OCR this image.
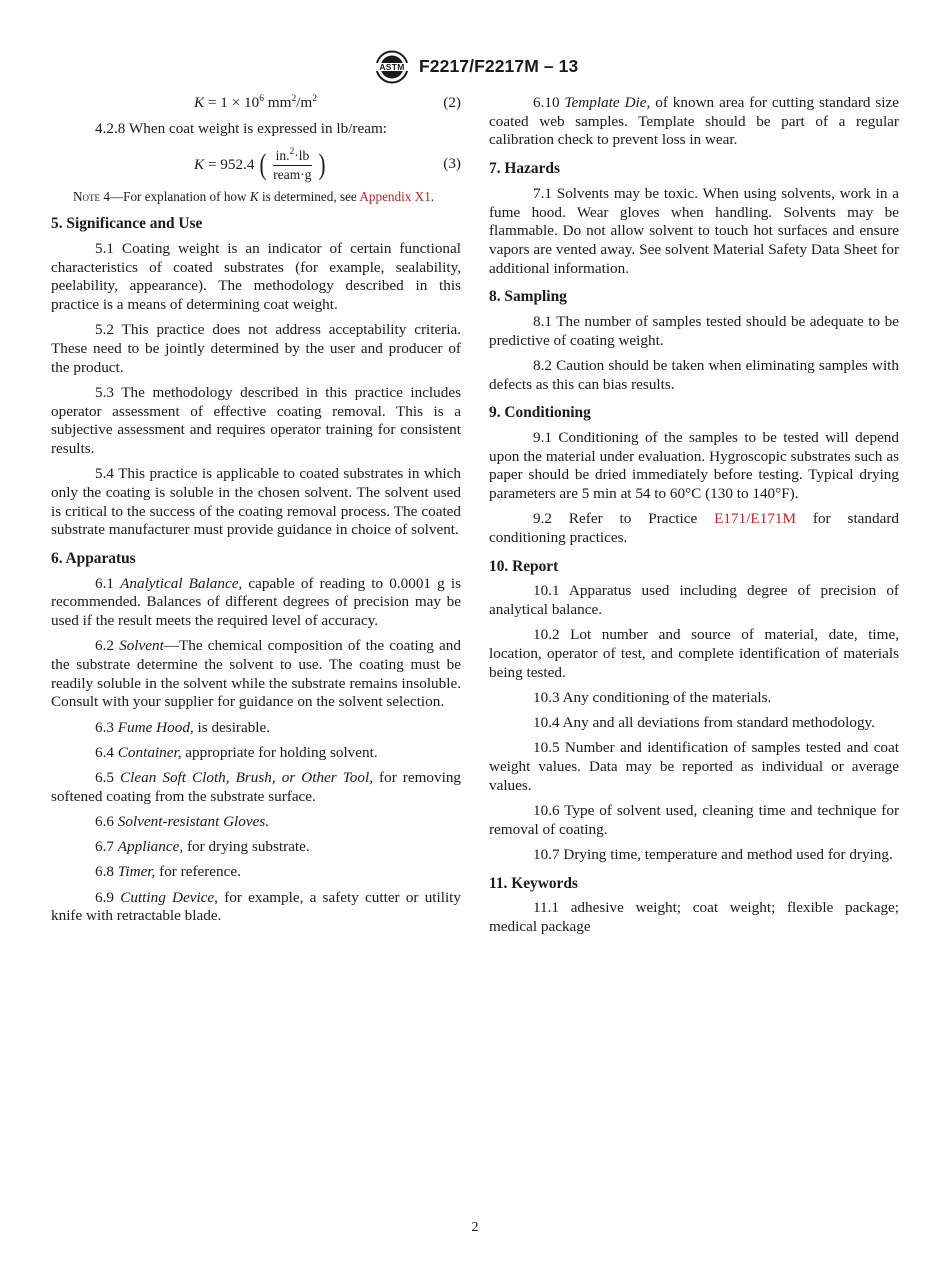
ASTM F2217/F2217M – 13
$K = 1 \times 10^6$ $mm^2/m^2$	(2)

4.2.8 When coat weight is expressed in lb/ream:

K
= 952.4
( $\frac{in.^2\cdot lb}{\text{ream·g}}$ )	(3)

Note 4—For explanation of how K is determined, see Appendix X1.

5. Significance and Use

5.1 Coating weight is an indicator of certain functional characteristics of coated substrates (for example, sealability, peelability, appearance). The methodology described in this practice is a means of determining coat weight.

5.2 This practice does not address acceptability criteria. These need to be jointly determined by the user and producer of the product.

5.3 The methodology described in this practice includes operator assessment of effective coating removal. This is a subjective assessment and requires operator training for consistent results.

5.4 This practice is applicable to coated substrates in which only the coating is soluble in the chosen solvent. The solvent used is critical to the success of the coating removal process. The coated substrate manufacturer must provide guidance in choice of solvent.

6. Apparatus

6.1 Analytical Balance, capable of reading to 0.0001 g is recommended. Balances of different degrees of precision may be used if the result meets the required level of accuracy.

6.2 Solvent—The chemical composition of the coating and the substrate determine the solvent to use. The coating must be readily soluble in the solvent while the substrate remains insoluble. Consult with your supplier for guidance on the solvent selection.

6.3 Fume Hood, is desirable.

6.4 Container, appropriate for holding solvent.

6.5 Clean Soft Cloth, Brush, or Other Tool, for removing softened coating from the substrate surface.

6.6 Solvent-resistant Gloves.

6.7 Appliance, for drying substrate.

6.8 Timer, for reference.

6.9 Cutting Device, for example, a safety cutter or utility knife with retractable blade.

6.10 Template Die, of known area for cutting standard size coated web samples. Template should be part of a regular calibration check to prevent loss in wear.

7. Hazards

7.1 Solvents may be toxic. When using solvents, work in a fume hood. Wear gloves when handling. Solvents may be flammable. Do not allow solvent to touch hot surfaces and ensure vapors are vented away. See solvent Material Safety Data Sheet for additional information.

8. Sampling

8.1 The number of samples tested should be adequate to be predictive of coating weight.

8.2 Caution should be taken when eliminating samples with defects as this can bias results.

9. Conditioning

9.1 Conditioning of the samples to be tested will depend upon the material under evaluation. Hygroscopic substrates such as paper should be dried immediately before testing. Typical drying parameters are 5 min at 54 to 60°C (130 to 140°F).

9.2 Refer to Practice E171/E171M for standard conditioning practices.

10. Report

10.1 Apparatus used including degree of precision of analytical balance.

10.2 Lot number and source of material, date, time, location, operator of test, and complete identification of materials being tested.

10.3 Any conditioning of the materials.

10.4 Any and all deviations from standard methodology.

10.5 Number and identification of samples tested and coat weight values. Data may be reported as individual or average values.

10.6 Type of solvent used, cleaning time and technique for removal of coating.

10.7 Drying time, temperature and method used for drying.

11. Keywords

11.1 adhesive weight; coat weight; flexible package; medical package

2
